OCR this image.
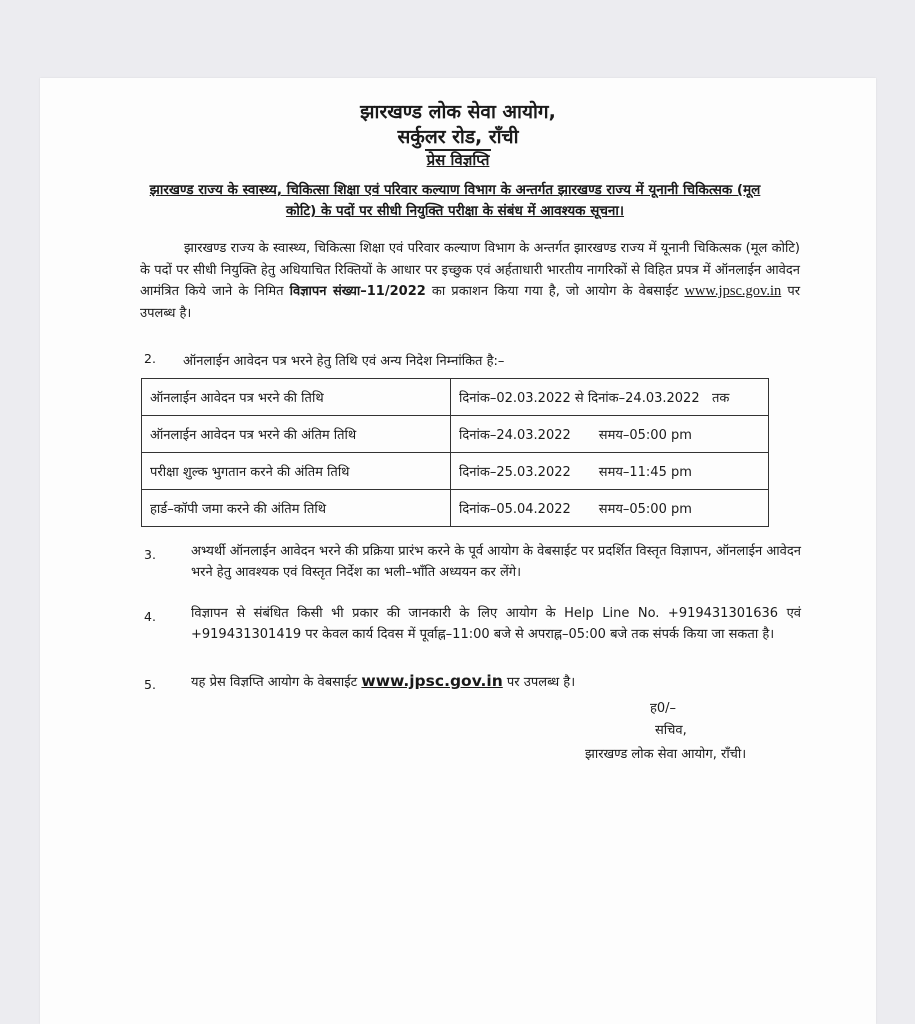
झारखण्ड लोक सेवा आयोग,
सर्कुलर रोड, राँची
प्रेस विज्ञप्ति
झारखण्ड राज्य के स्वास्थ्य, चिकित्सा शिक्षा एवं परिवार कल्याण विभाग के अन्तर्गत झारखण्ड राज्य में यूनानी चिकित्सक (मूल कोटि) के पदों पर सीधी नियुक्ति परीक्षा के संबंध में आवश्यक सूचना।
झारखण्ड राज्य के स्वास्थ्य, चिकित्सा शिक्षा एवं परिवार कल्याण विभाग के अन्तर्गत झारखण्ड राज्य में यूनानी चिकित्सक (मूल कोटि) के पदों पर सीधी नियुक्ति हेतु अधियाचित रिक्तियों के आधार पर इच्छुक एवं अर्हताधारी भारतीय नागरिकों से विहित प्रपत्र में ऑनलाईन आवेदन आमंत्रित किये जाने के निमित विज्ञापन संख्या–11/2022 का प्रकाशन किया गया है, जो आयोग के वेबसाईट www.jpsc.gov.in पर उपलब्ध है।
2. ऑनलाईन आवेदन पत्र भरने हेतु तिथि एवं अन्य निदेश निम्नांकित है:–
ऑनलाईन आवेदन पत्र भरने की तिथि	दिनांक–02.03.2022 से दिनांक–24.03.2022 तक
ऑनलाईन आवेदन पत्र भरने की अंतिम तिथि	दिनांक–24.03.2022 समय–05:00 pm
परीक्षा शुल्क भुगतान करने की अंतिम तिथि	दिनांक–25.03.2022 समय–11:45 pm
हार्ड–कॉपी जमा करने की अंतिम तिथि	दिनांक–05.04.2022 समय–05:00 pm
3.	अभ्यर्थी ऑनलाईन आवेदन भरने की प्रक्रिया प्रारंभ करने के पूर्व आयोग के वेबसाईट पर प्रदर्शित विस्तृत विज्ञापन, ऑनलाईन आवेदन भरने हेतु आवश्यक एवं विस्तृत निर्देश का भली–भाँति अध्ययन कर लेंगे।
4.	विज्ञापन से संबंधित किसी भी प्रकार की जानकारी के लिए आयोग के Help Line No. +919431301636 एवं +919431301419 पर केवल कार्य दिवस में पूर्वाह्न–11:00 बजे से अपराह्न–05:00 बजे तक संपर्क किया जा सकता है।
5.	यह प्रेस विज्ञप्ति आयोग के वेबसाईट www.jpsc.gov.in पर उपलब्ध है।
ह0/–
सचिव,
झारखण्ड लोक सेवा आयोग, राँची।
